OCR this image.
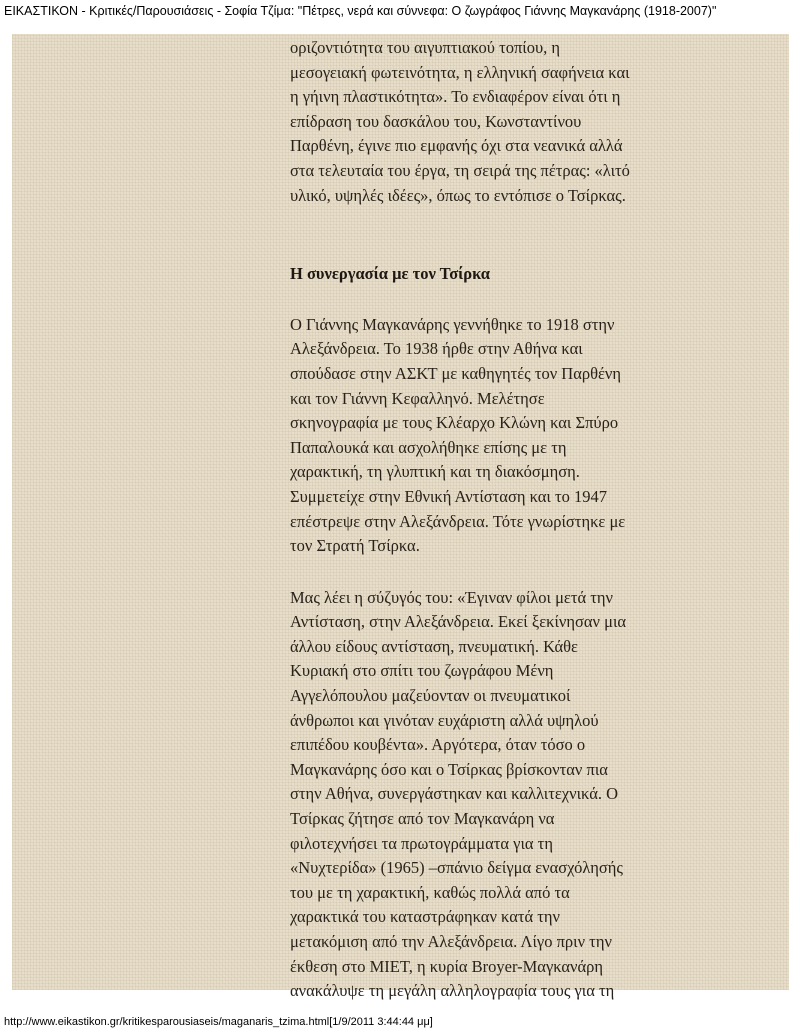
ΕΙΚΑΣΤΙΚΟΝ - Κριτικές/Παρουσιάσεις - Σοφία Τζίμα: "Πέτρες, νερά και σύννεφα: Ο ζωγράφος Γιάννης Μαγκανάρης (1918-2007)"

οριζοντιότητα του αιγυπτιακού τοπίου, η
μεσογειακή φωτεινότητα, η ελληνική σαφήνεια και
η γήινη πλαστικότητα». Το ενδιαφέρον είναι ότι η
επίδραση του δασκάλου του, Κωνσταντίνου
Παρθένη, έγινε πιο εμφανής όχι στα νεανικά αλλά
στα τελευταία του έργα, τη σειρά της πέτρας: «λιτό
υλικό, υψηλές ιδέες», όπως το εντόπισε ο Τσίρκας.

Η συνεργασία με τον Τσίρκα

Ο Γιάννης Μαγκανάρης γεννήθηκε το 1918 στην
Αλεξάνδρεια. Το 1938 ήρθε στην Αθήνα και
σπούδασε στην ΑΣΚΤ με καθηγητές τον Παρθένη
και τον Γιάννη Κεφαλληνό. Μελέτησε
σκηνογραφία με τους Κλέαρχο Κλώνη και Σπύρο
Παπαλουκά και ασχολήθηκε επίσης με τη
χαρακτική, τη γλυπτική και τη διακόσμηση.
Συμμετείχε στην Εθνική Αντίσταση και το 1947
επέστρεψε στην Αλεξάνδρεια. Τότε γνωρίστηκε με
τον Στρατή Τσίρκα.

Μας λέει η σύζυγός του: «Έγιναν φίλοι μετά την
Αντίσταση, στην Αλεξάνδρεια. Εκεί ξεκίνησαν μια
άλλου είδους αντίσταση, πνευματική. Κάθε
Κυριακή στο σπίτι του ζωγράφου Μένη
Αγγελόπουλου μαζεύονταν οι πνευματικοί
άνθρωποι και γινόταν ευχάριστη αλλά υψηλού
επιπέδου κουβέντα». Αργότερα, όταν τόσο ο
Μαγκανάρης όσο και ο Τσίρκας βρίσκονταν πια
στην Αθήνα, συνεργάστηκαν και καλλιτεχνικά. Ο
Τσίρκας ζήτησε από τον Μαγκανάρη να
φιλοτεχνήσει τα πρωτογράμματα για τη
«Νυχτερίδα» (1965) –σπάνιο δείγμα ενασχόλησής
του με τη χαρακτική, καθώς πολλά από τα
χαρακτικά του καταστράφηκαν κατά την
μετακόμιση από την Αλεξάνδρεια. Λίγο πριν την
έκθεση στο ΜΙΕΤ, η κυρία Broyer-Μαγκανάρη
ανακάλυψε τη μεγάλη αλληλογραφία τους για τη

http://www.eikastikon.gr/kritikesparousiaseis/maganaris_tzima.html[1/9/2011 3:44:44 μμ]
